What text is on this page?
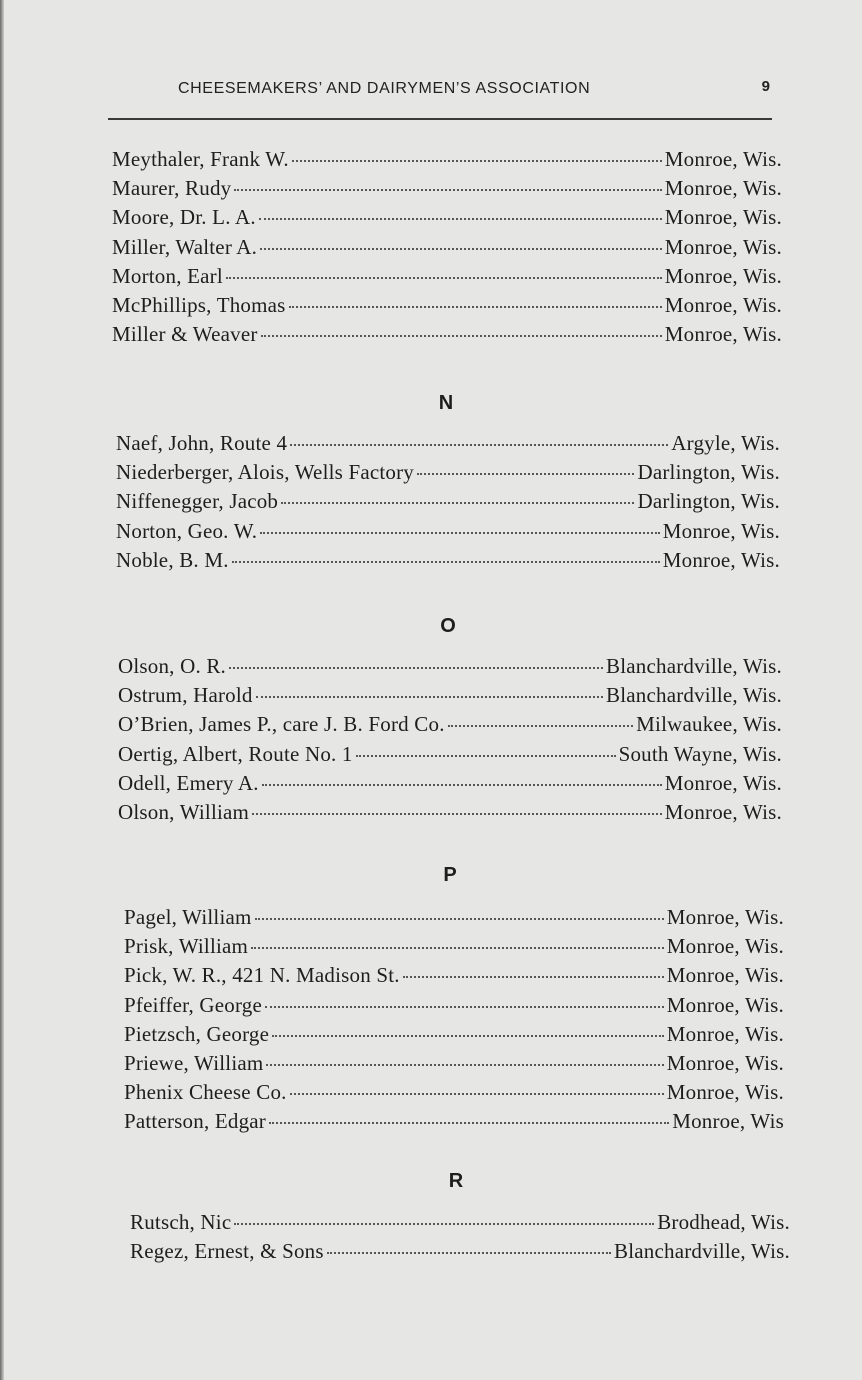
CHEESEMAKERS’ AND DAIRYMEN’S ASSOCIATION	9
Meythaler, Frank W.	Monroe, Wis.
Maurer, Rudy	Monroe, Wis.
Moore, Dr. L. A.	Monroe, Wis.
Miller, Walter A.	Monroe, Wis.
Morton, Earl	Monroe, Wis.
McPhillips, Thomas	Monroe, Wis.
Miller & Weaver	Monroe, Wis.
N
Naef, John, Route 4	Argyle, Wis.
Niederberger, Alois, Wells Factory	Darlington, Wis.
Niffenegger, Jacob	Darlington, Wis.
Norton, Geo. W.	Monroe, Wis.
Noble, B. M.	Monroe, Wis.
O
Olson, O. R.	Blanchardville, Wis.
Ostrum, Harold	Blanchardville, Wis.
O’Brien, James P., care J. B. Ford Co.	Milwaukee, Wis.
Oertig, Albert, Route No. 1	South Wayne, Wis.
Odell, Emery A.	Monroe, Wis.
Olson, William	Monroe, Wis.
P
Pagel, William	Monroe, Wis.
Prisk, William	Monroe, Wis.
Pick, W. R., 421 N. Madison St.	Monroe, Wis.
Pfeiffer, George	Monroe, Wis.
Pietzsch, George	Monroe, Wis.
Priewe, William	Monroe, Wis.
Phenix Cheese Co.	Monroe, Wis.
Patterson, Edgar	Monroe, Wis
R
Rutsch, Nic	Brodhead, Wis.
Regez, Ernest, & Sons	Blanchardville, Wis.
